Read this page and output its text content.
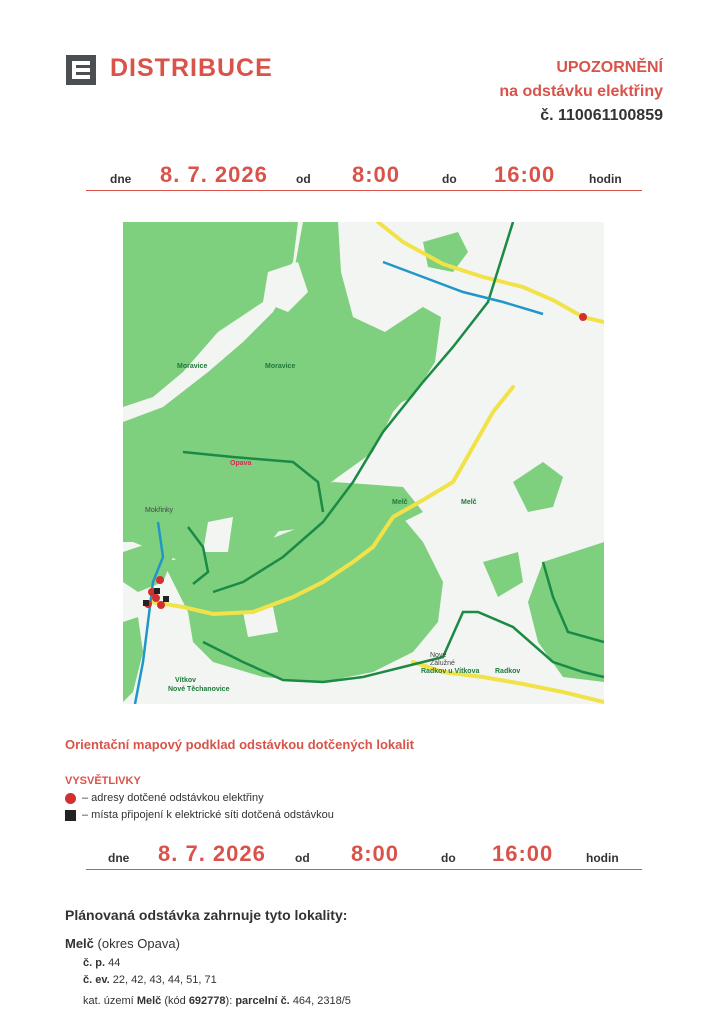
DISTRIBUCE	UPOZORNĚNÍ
na odstávku elektřiny
č. 110061100859
dne 8. 7. 2026 od 8:00	do 16:00	hodin
Moravice	Moravice
Opava
Mokřinky
Melč	Melč
Vítkov
Nové Těchanovice
Nové Zálužné
Radkov u Vítkova Radkov
Orientační mapový podklad odstávkou dotčených lokalit
VYSVĚTLIVKY
– adresy dotčené odstávkou elektřiny
– místa připojení k elektrické síti dotčená odstávkou
dne 8. 7. 2026 od 8:00	do 16:00	hodin
Plánovaná odstávka zahrnuje tyto lokality:
Melč (okres Opava)
č. p. 44
č. ev. 22, 42, 43, 44, 51, 71
kat. území Melč (kód 692778): parcelní č. 464, 2318/5
